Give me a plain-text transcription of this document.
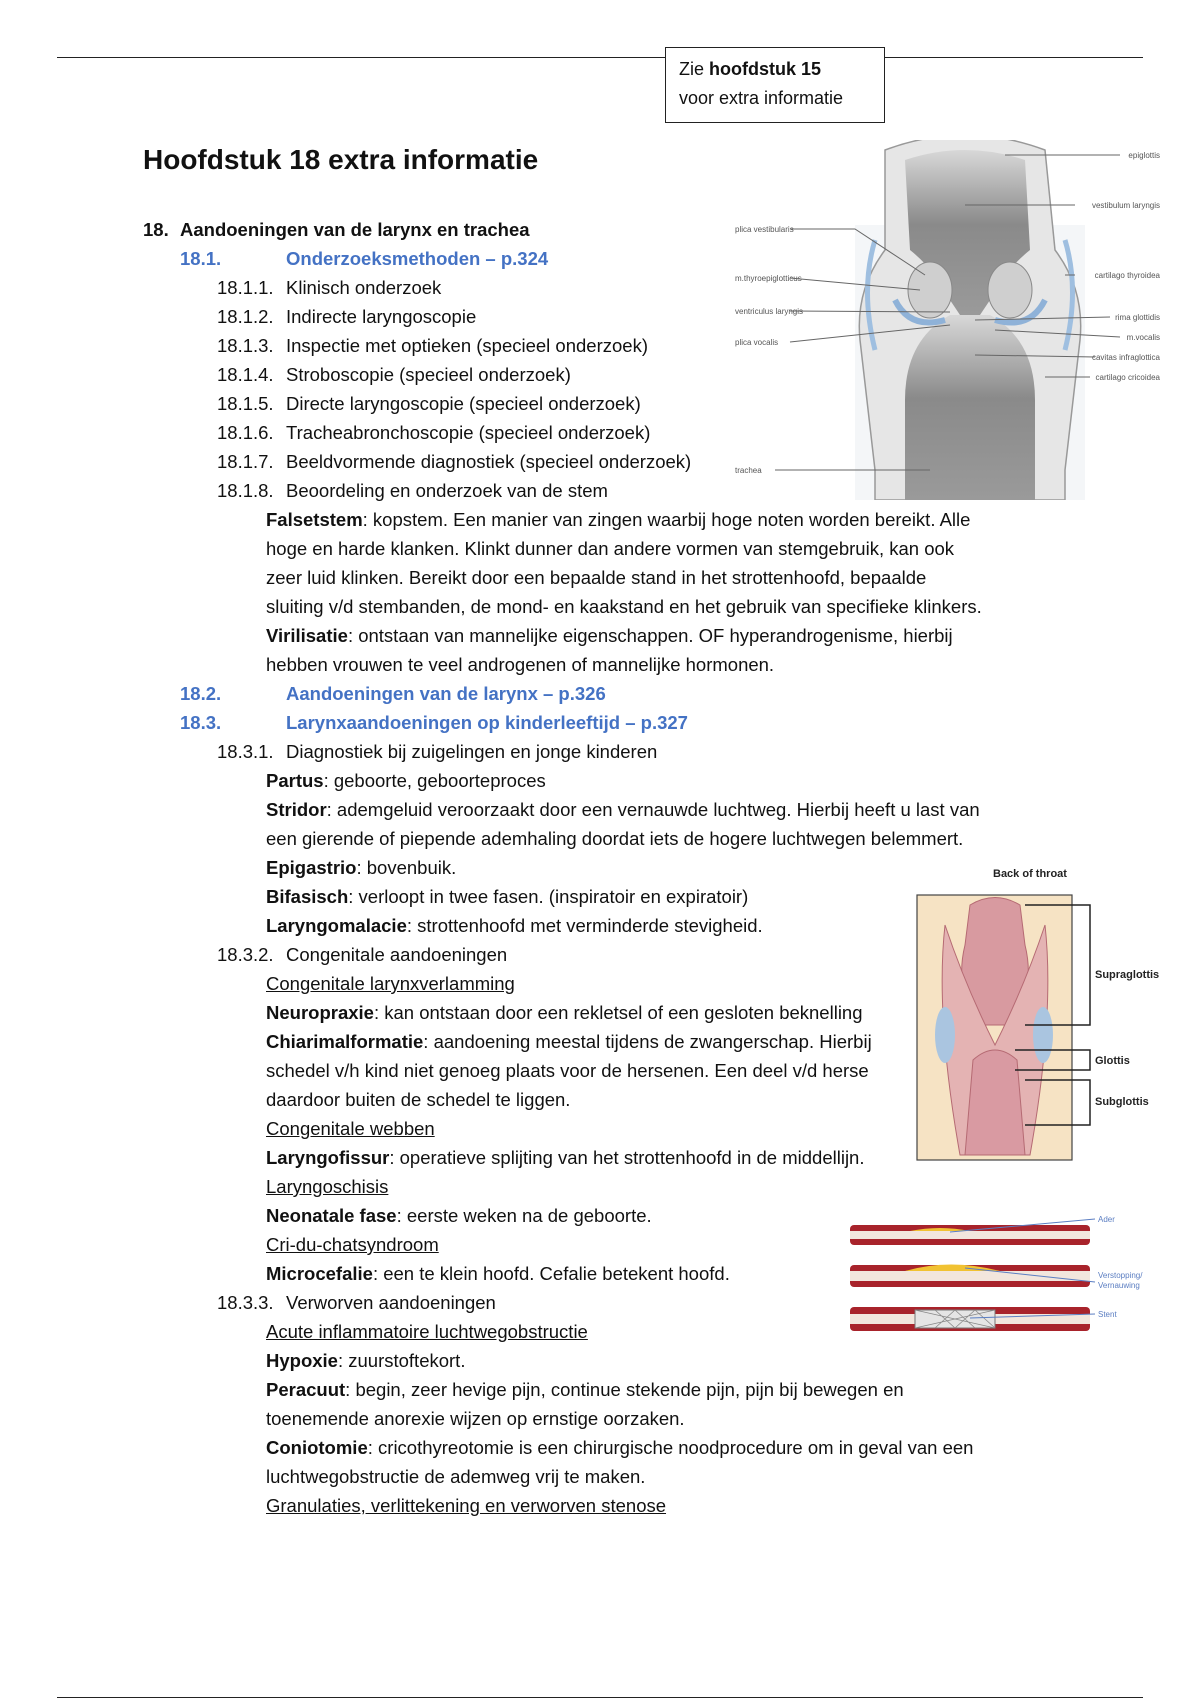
Zie hoofdstuk 15
voor extra informatie
Hoofdstuk 18 extra informatie
18. Aandoeningen van de larynx en trachea
18.1.	Onderzoeksmethoden – p.324
18.1.1. Klinisch onderzoek
18.1.2. Indirecte laryngoscopie
18.1.3. Inspectie met optieken (specieel onderzoek)
18.1.4. Stroboscopie (specieel onderzoek)
18.1.5. Directe laryngoscopie (specieel onderzoek)
18.1.6. Tracheabronchoscopie (specieel onderzoek)
18.1.7. Beeldvormende diagnostiek (specieel onderzoek)
18.1.8. Beoordeling en onderzoek van de stem
Falsetstem: kopstem. Een manier van zingen waarbij hoge noten worden bereikt. Alle
hoge en harde klanken. Klinkt dunner dan andere vormen van stemgebruik, kan ook
zeer luid klinken. Bereikt door een bepaalde stand in het strottenhoofd, bepaalde
sluiting v/d stembanden, de mond- en kaakstand en het gebruik van specifieke klinkers.
Virilisatie: ontstaan van mannelijke eigenschappen. OF hyperandrogenisme, hierbij
hebben vrouwen te veel androgenen of mannelijke hormonen.
18.2.	Aandoeningen van de larynx – p.326
18.3.	Larynxaandoeningen op kinderleeftijd – p.327
18.3.1. Diagnostiek bij zuigelingen en jonge kinderen
Partus: geboorte, geboorteproces
Stridor: ademgeluid veroorzaakt door een vernauwde luchtweg. Hierbij heeft u last van
een gierende of piepende ademhaling doordat iets de hogere luchtwegen belemmert.
Epigastrio: bovenbuik.
Bifasisch: verloopt in twee fasen. (inspiratoir en expiratoir)
Laryngomalacie: strottenhoofd met verminderde stevigheid.
18.3.2. Congenitale aandoeningen
Congenitale larynxverlamming
Neuropraxie: kan ontstaan door een rekletsel of een gesloten beknelling
Chiarimalformatie: aandoening meestal tijdens de zwangerschap. Hierbij
schedel v/h kind niet genoeg plaats voor de hersenen. Een deel v/d herse
daardoor buiten de schedel te liggen.
Congenitale webben
Laryngofissur: operatieve splijting van het strottenhoofd in de middellijn.
Laryngoschisis
Neonatale fase: eerste weken na de geboorte.
Cri-du-chatsyndroom
Microcefalie: een te klein hoofd. Cefalie betekent hoofd.
18.3.3. Verworven aandoeningen
Acute inflammatoire luchtwegobstructie
Hypoxie: zuurstoftekort.
Peracuut: begin, zeer hevige pijn, continue stekende pijn, pijn bij bewegen en
toenemende anorexie wijzen op ernstige oorzaken.
Coniotomie: cricothyreotomie is een chirurgische noodprocedure om in geval van een
luchtwegobstructie de ademweg vrij te maken.
Granulaties, verlittekening en verworven stenose
plica vestibularis
m.thyroepiglotticus
ventriculus laryngis
plica vocalis
trachea
epiglottis
vestibulum laryngis
cartilago thyroidea
rima glottidis
m.vocalis
cavitas infraglottica
cartilago cricoidea
Back of throat
Supraglottis
Glottis
Subglottis
Ader
Verstopping/
Vernauwing
Stent
